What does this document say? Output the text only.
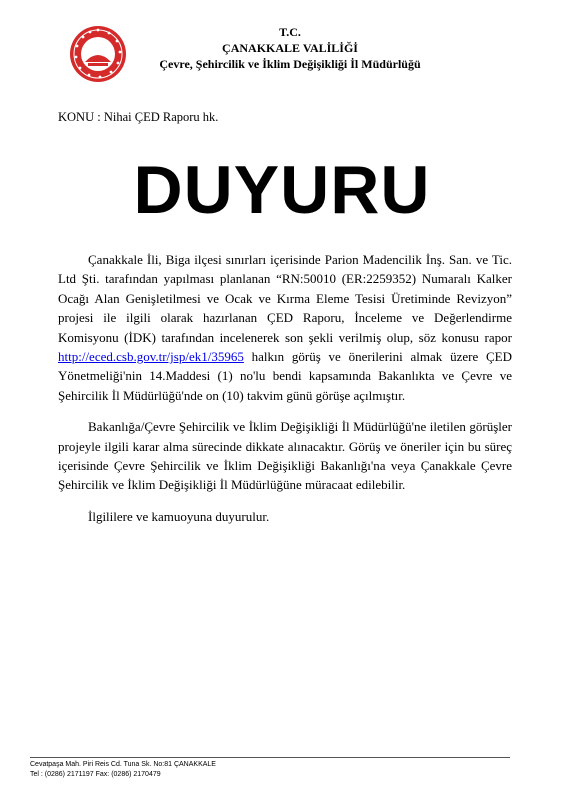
T.C.
ÇANAKKALE VALİLİĞİ
Çevre, Şehircilik ve İklim Değişikliği İl Müdürlüğü
KONU : Nihai ÇED Raporu hk.
DUYURU

Çanakkale İli, Biga ilçesi sınırları içerisinde Parion Madencilik İnş. San. ve Tic. Ltd Şti. tarafından yapılması planlanan “RN:50010 (ER:2259352) Numaralı Kalker Ocağı Alan Genişletilmesi ve Ocak ve Kırma Eleme Tesisi Üretiminde Revizyon” projesi ile ilgili olarak hazırlanan ÇED Raporu, İnceleme ve Değerlendirme Komisyonu (İDK) tarafından incelenerek son şekli verilmiş olup, söz konusu rapor http://eced.csb.gov.tr/jsp/ek1/35965 halkın görüş ve önerilerini almak üzere ÇED Yönetmeliği'nin 14.Maddesi (1) no'lu bendi kapsamında Bakanlıkta ve Çevre ve Şehircilik İl Müdürlüğü'nde on (10) takvim günü görüşe açılmıştır.

Bakanlığa/Çevre Şehircilik ve İklim Değişikliği İl Müdürlüğü'ne iletilen görüşler projeyle ilgili karar alma sürecinde dikkate alınacaktır. Görüş ve öneriler için bu süreç içerisinde Çevre Şehircilik ve İklim Değişikliği Bakanlığı'na veya Çanakkale Çevre Şehircilik ve İklim Değişikliği İl Müdürlüğüne müracaat edilebilir.

İlgililere ve kamuoyuna duyurulur.

Cevatpaşa Mah. Piri Reis Cd. Tuna Sk. No:81 ÇANAKKALE
Tel : (0286) 2171197 Fax: (0286) 2170479
